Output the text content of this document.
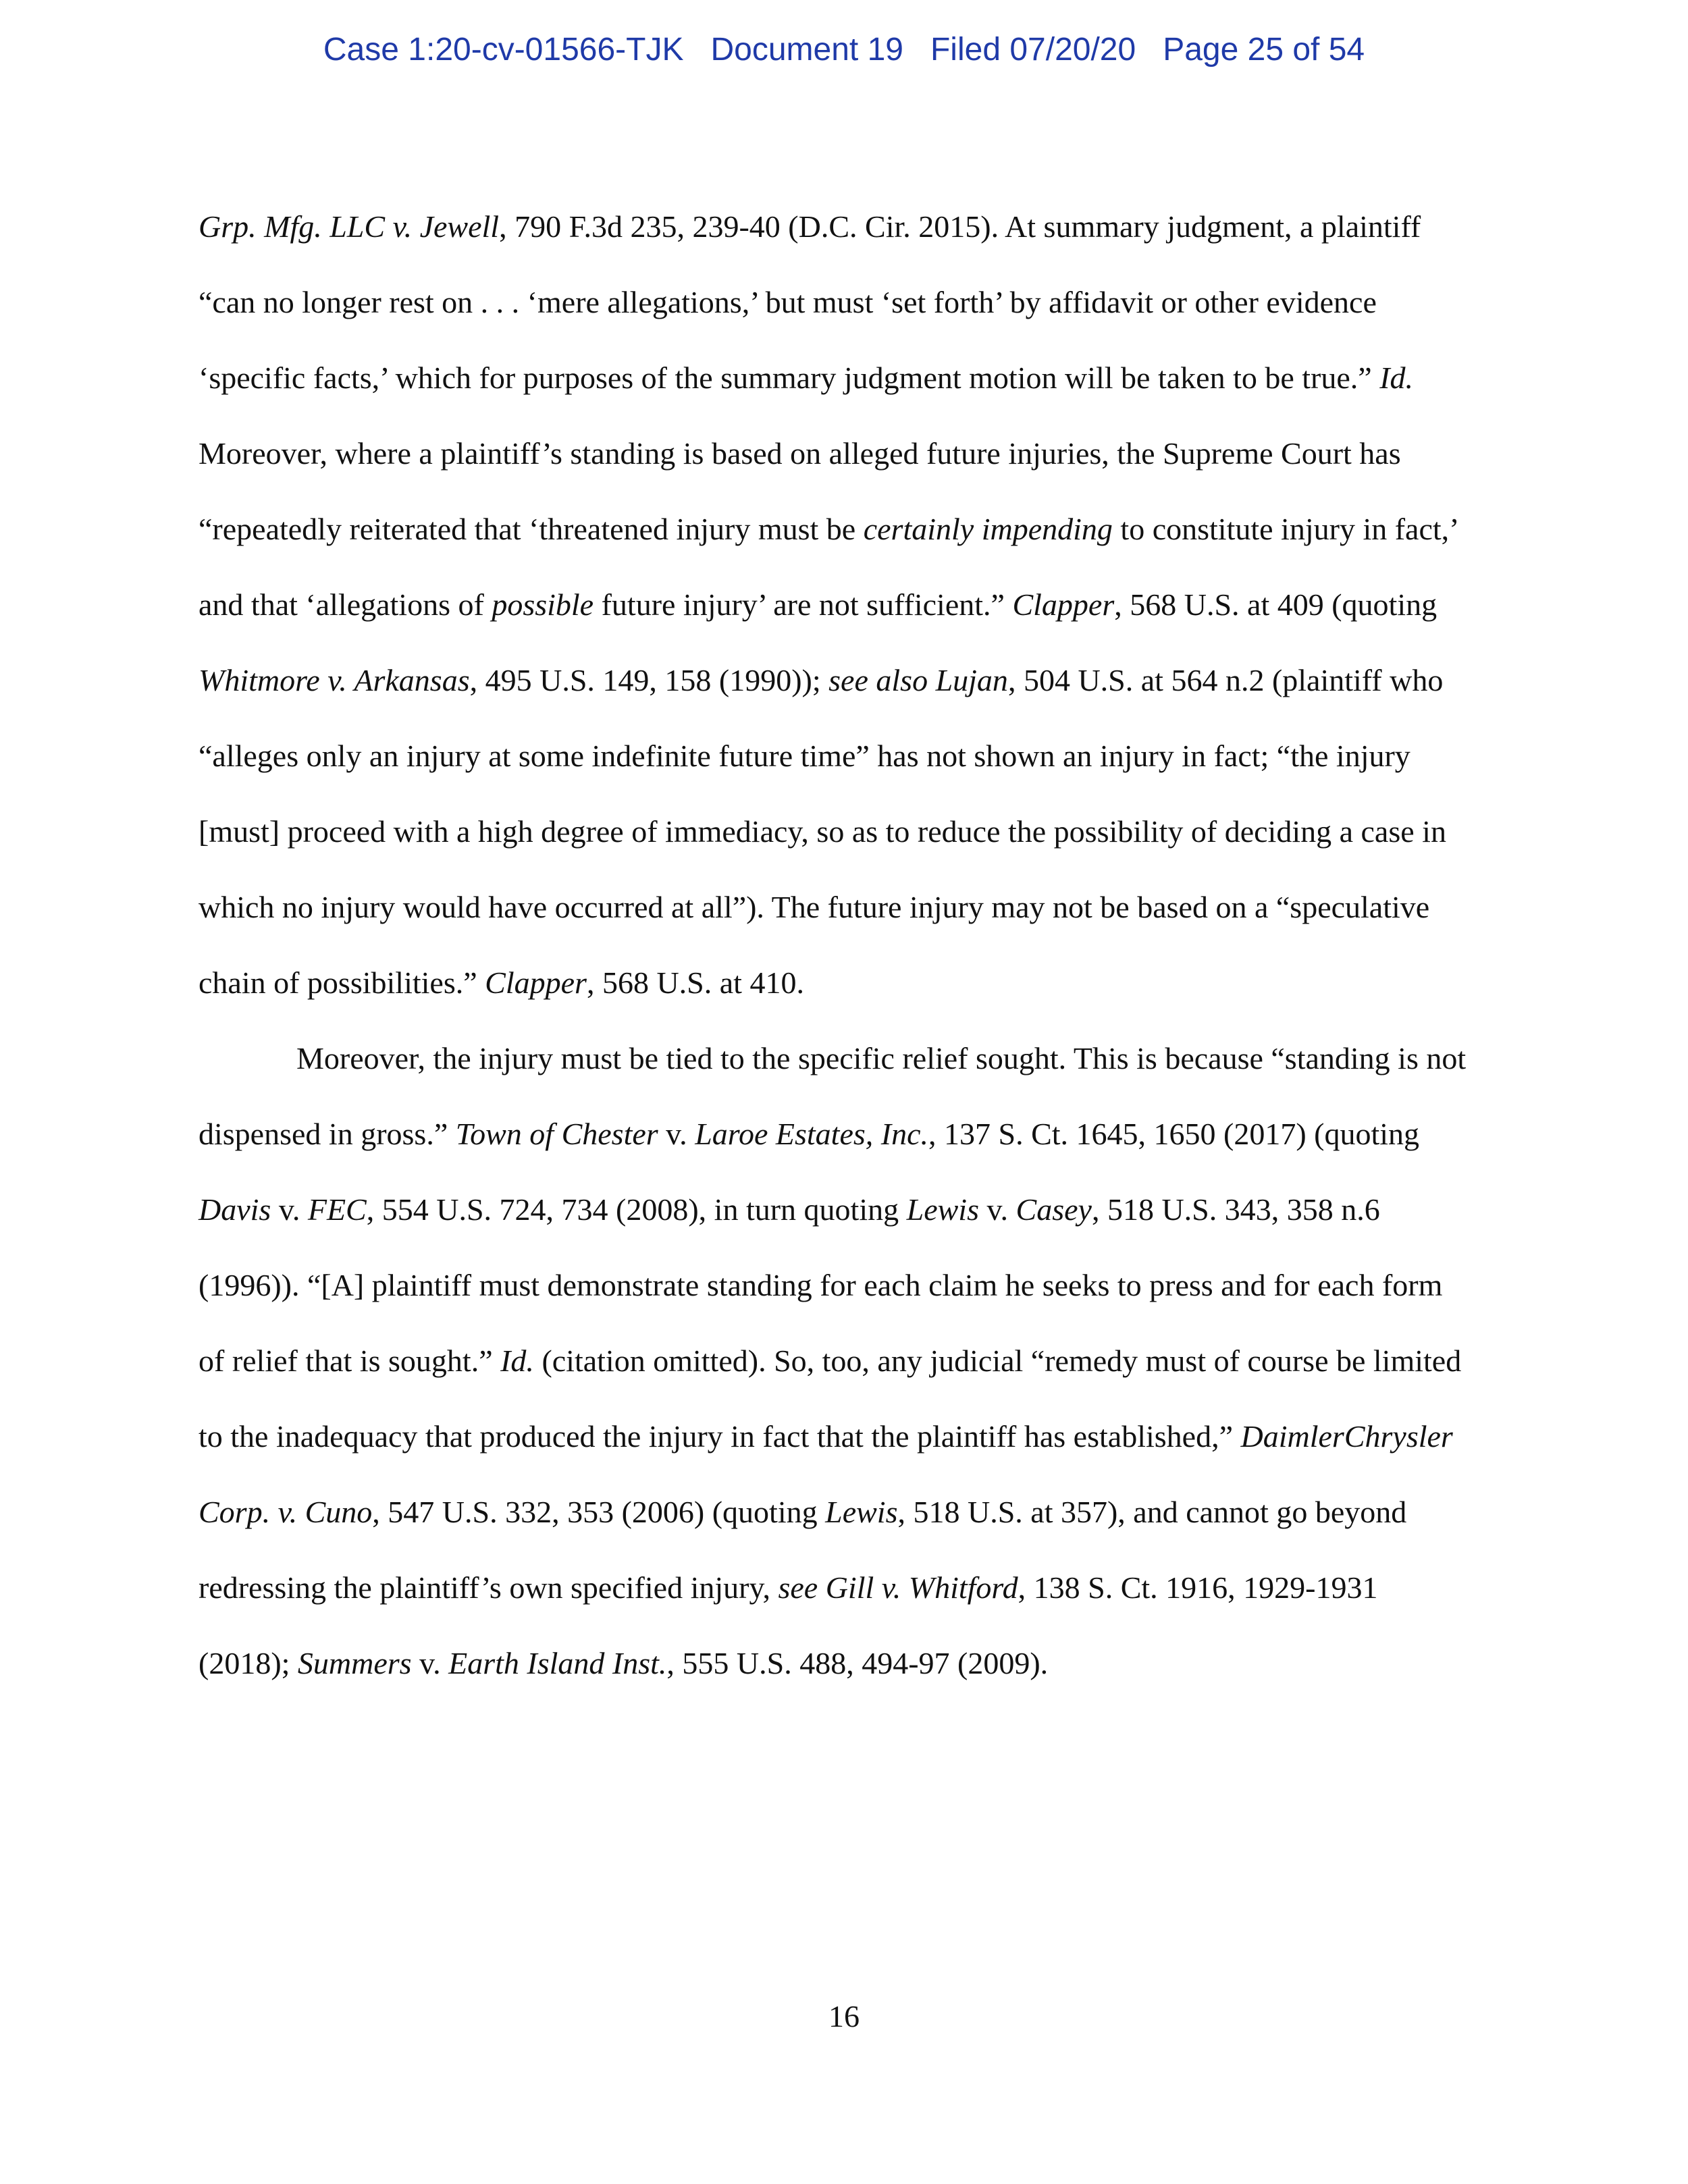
Case 1:20-cv-01566-TJK Document 19 Filed 07/20/20 Page 25 of 54

Grp. Mfg. LLC v. Jewell, 790 F.3d 235, 239-40 (D.C. Cir. 2015). At summary judgment, a plaintiff “can no longer rest on . . . ‘mere allegations,’ but must ‘set forth’ by affidavit or other evidence ‘specific facts,’ which for purposes of the summary judgment motion will be taken to be true.” Id. Moreover, where a plaintiff’s standing is based on alleged future injuries, the Supreme Court has “repeatedly reiterated that ‘threatened injury must be certainly impending to constitute injury in fact,’ and that ‘allegations of possible future injury’ are not sufficient.” Clapper, 568 U.S. at 409 (quoting Whitmore v. Arkansas, 495 U.S. 149, 158 (1990)); see also Lujan, 504 U.S. at 564 n.2 (plaintiff who “alleges only an injury at some indefinite future time” has not shown an injury in fact; “the injury [must] proceed with a high degree of immediacy, so as to reduce the possibility of deciding a case in which no injury would have occurred at all”). The future injury may not be based on a “speculative chain of possibilities.” Clapper, 568 U.S. at 410.

Moreover, the injury must be tied to the specific relief sought. This is because “standing is not dispensed in gross.” Town of Chester v. Laroe Estates, Inc., 137 S. Ct. 1645, 1650 (2017) (quoting Davis v. FEC, 554 U.S. 724, 734 (2008), in turn quoting Lewis v. Casey, 518 U.S. 343, 358 n.6 (1996)). “[A] plaintiff must demonstrate standing for each claim he seeks to press and for each form of relief that is sought.” Id. (citation omitted). So, too, any judicial “remedy must of course be limited to the inadequacy that produced the injury in fact that the plaintiff has established,” DaimlerChrysler Corp. v. Cuno, 547 U.S. 332, 353 (2006) (quoting Lewis, 518 U.S. at 357), and cannot go beyond redressing the plaintiff’s own specified injury, see Gill v. Whitford, 138 S. Ct. 1916, 1929-1931 (2018); Summers v. Earth Island Inst., 555 U.S. 488, 494-97 (2009).

16
